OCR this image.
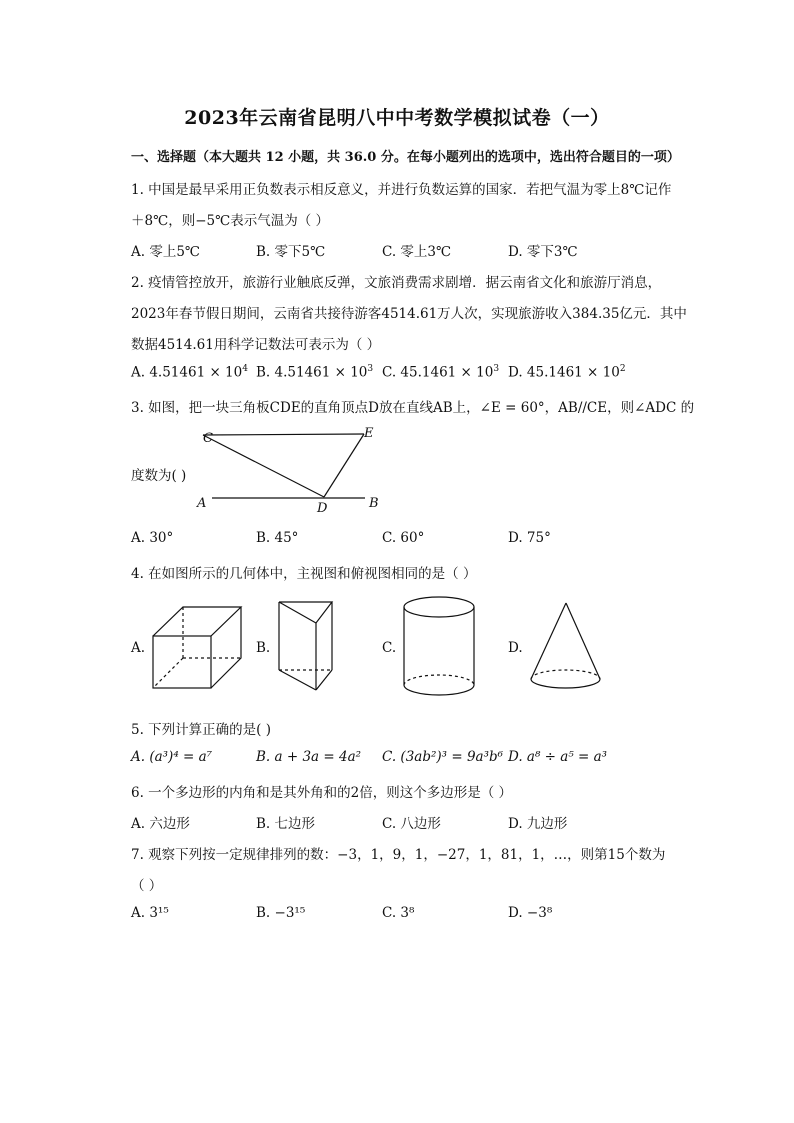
2023年云南省昆明八中中考数学模拟试卷（一）
一、选择题（本大题共 12 小题，共 36.0 分。在每小题列出的选项中，选出符合题目的一项）
1. 中国是最早采用正负数表示相反意义，并进行负数运算的国家．若把气温为零上8℃记作
＋8℃，则−5℃表示气温为（ ）
A. 零上5℃	B. 零下5℃	C. 零上3℃	D. 零下3℃
2. 疫情管控放开，旅游行业触底反弹，文旅消费需求剧增．据云南省文化和旅游厅消息，
2023年春节假日期间，云南省共接待游客4514.61万人次，实现旅游收入384.35亿元．其中
数据4514.61用科学记数法可表示为（ ）
A. $4.51461 \times 10^4$ B. $4.51461 \times 10^3$ C. $45.1461 \times 10^3$ D. $45.1461 \times 10^2$
3. 如图，把一块三角板CDE的直角顶点D放在直线AB上，∠E = 60°，AB//CE，则∠ADC 的
C	E
A	D	B
度数为( )
A. 30°	B. 45°	C. 60°	D. 75°
4. 在如图所示的几何体中，主视图和俯视图相同的是（ ）
A.	B.	C.	D.
5. 下列计算正确的是( )
A. (a³)⁴ = a⁷	B. a + 3a = 4a² C. (3ab²)³ = 9a³b⁶ D. a⁸ ÷ a⁵ = a³
6. 一个多边形的内角和是其外角和的2倍，则这个多边形是（ ）
A. 六边形	B. 七边形	C. 八边形	D. 九边形
7. 观察下列按一定规律排列的数：−3，1，9，1，−27，1，81，1，…，则第15个数为
（ ）
A. 3¹⁵	B. −3¹⁵	C. 3⁸	D. −3⁸
